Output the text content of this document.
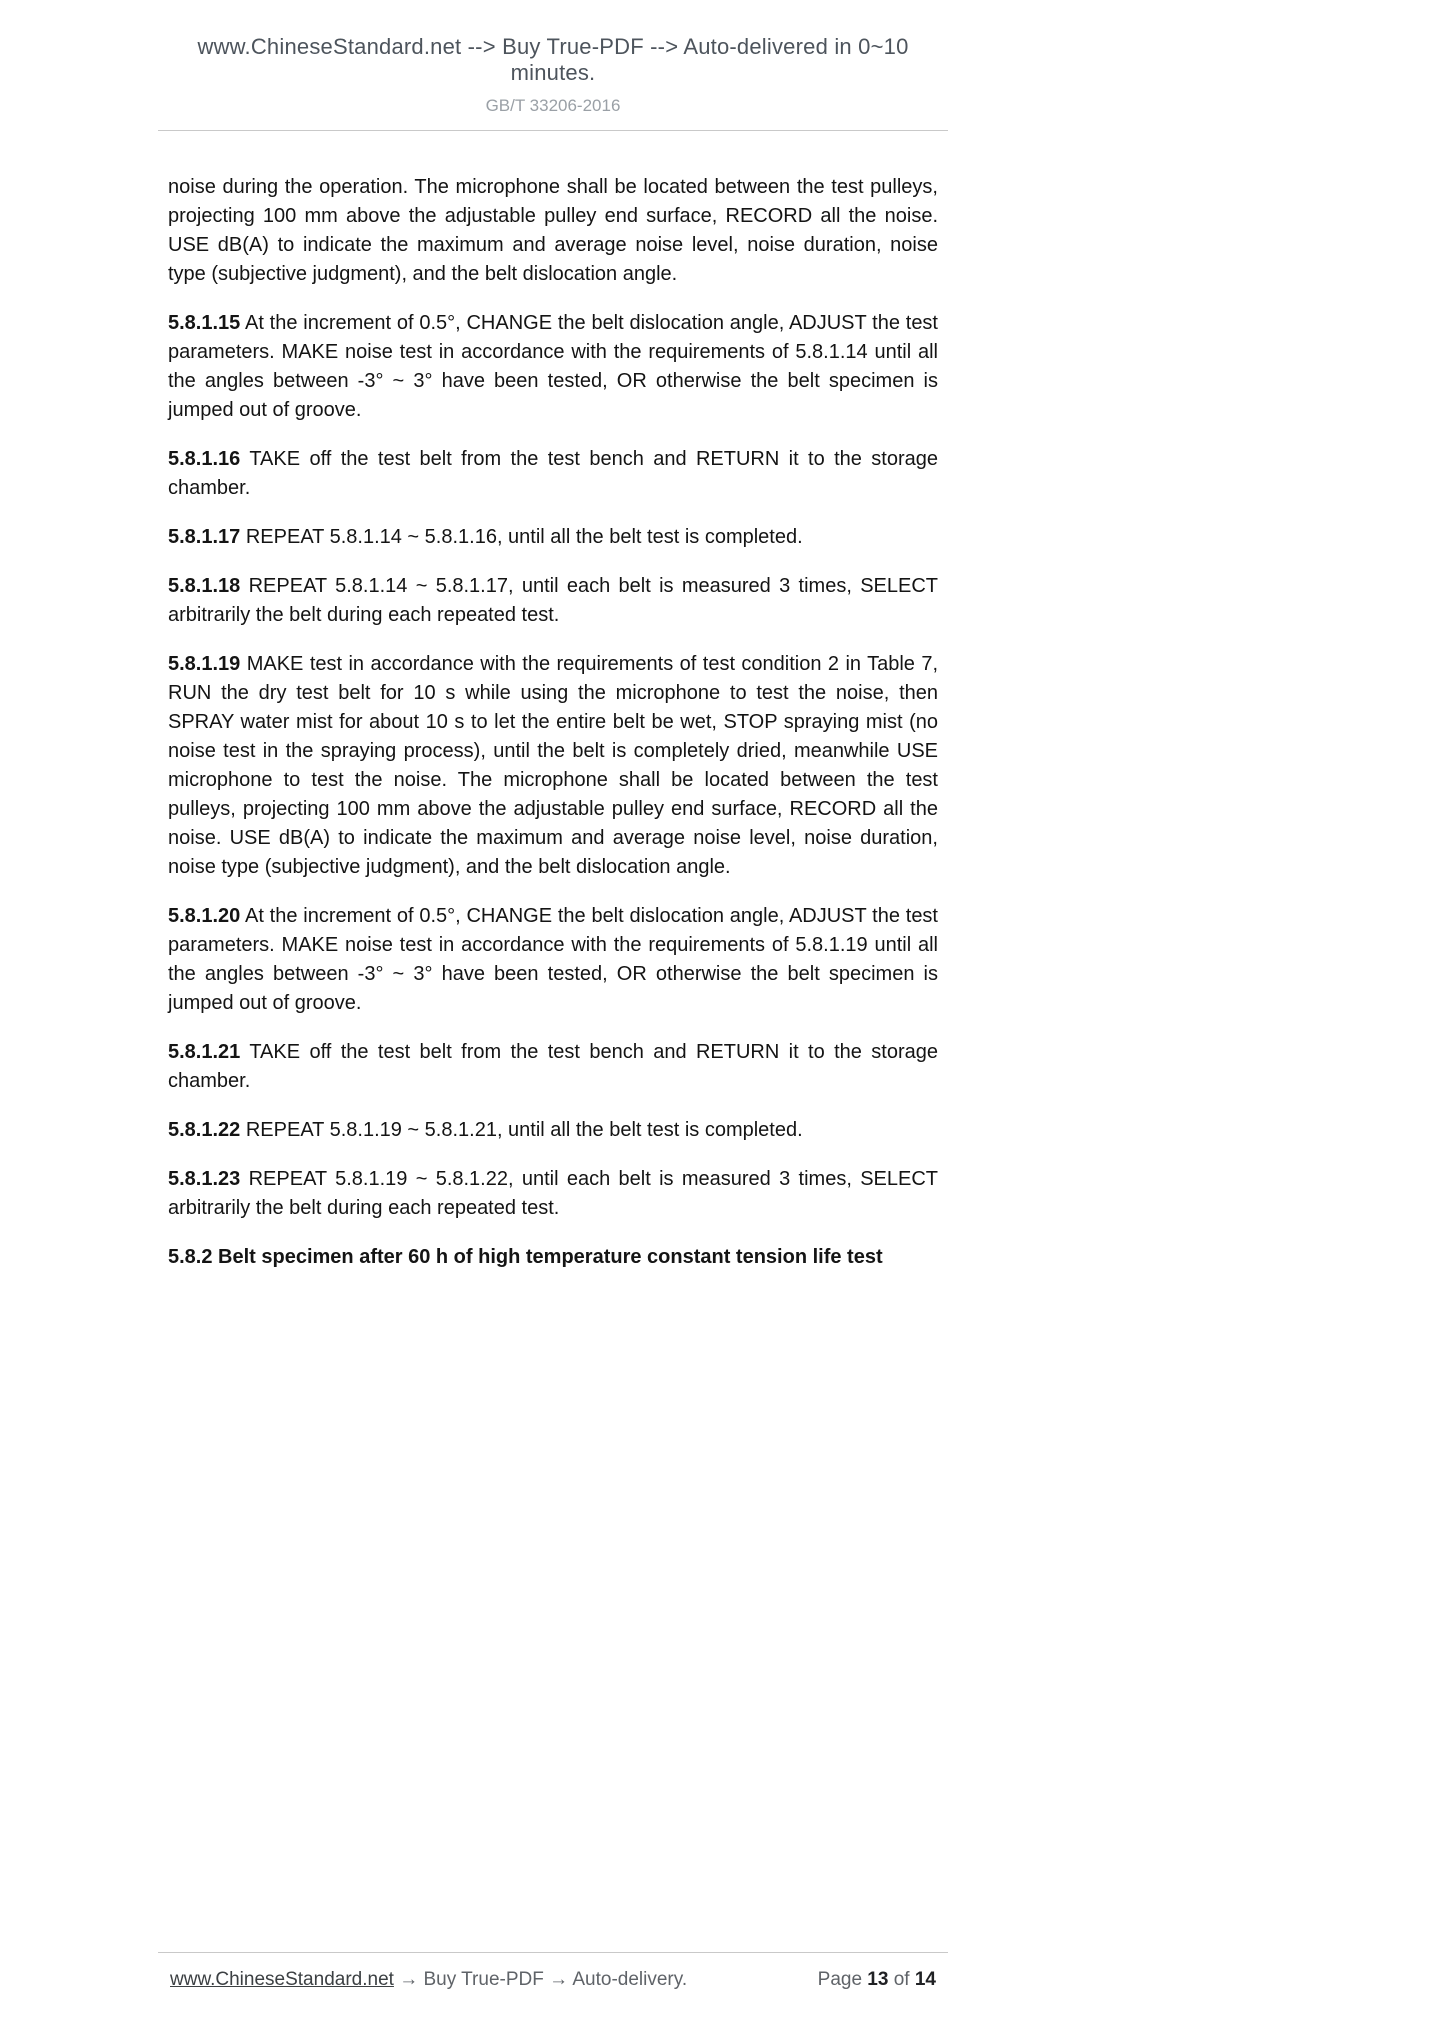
www.ChineseStandard.net --> Buy True-PDF --> Auto-delivered in 0~10 minutes.
GB/T 33206-2016

noise during the operation. The microphone shall be located between the test pulleys, projecting 100 mm above the adjustable pulley end surface, RECORD all the noise. USE dB(A) to indicate the maximum and average noise level, noise duration, noise type (subjective judgment), and the belt dislocation angle.

5.8.1.15 At the increment of 0.5°, CHANGE the belt dislocation angle, ADJUST the test parameters. MAKE noise test in accordance with the requirements of 5.8.1.14 until all the angles between -3° ~ 3° have been tested, OR otherwise the belt specimen is jumped out of groove.

5.8.1.16 TAKE off the test belt from the test bench and RETURN it to the storage chamber.

5.8.1.17 REPEAT 5.8.1.14 ~ 5.8.1.16, until all the belt test is completed.

5.8.1.18 REPEAT 5.8.1.14 ~ 5.8.1.17, until each belt is measured 3 times, SELECT arbitrarily the belt during each repeated test.

5.8.1.19 MAKE test in accordance with the requirements of test condition 2 in Table 7, RUN the dry test belt for 10 s while using the microphone to test the noise, then SPRAY water mist for about 10 s to let the entire belt be wet, STOP spraying mist (no noise test in the spraying process), until the belt is completely dried, meanwhile USE microphone to test the noise. The microphone shall be located between the test pulleys, projecting 100 mm above the adjustable pulley end surface, RECORD all the noise. USE dB(A) to indicate the maximum and average noise level, noise duration, noise type (subjective judgment), and the belt dislocation angle.

5.8.1.20 At the increment of 0.5°, CHANGE the belt dislocation angle, ADJUST the test parameters. MAKE noise test in accordance with the requirements of 5.8.1.19 until all the angles between -3° ~ 3° have been tested, OR otherwise the belt specimen is jumped out of groove.

5.8.1.21 TAKE off the test belt from the test bench and RETURN it to the storage chamber.

5.8.1.22 REPEAT 5.8.1.19 ~ 5.8.1.21, until all the belt test is completed.

5.8.1.23 REPEAT 5.8.1.19 ~ 5.8.1.22, until each belt is measured 3 times, SELECT arbitrarily the belt during each repeated test.

5.8.2 Belt specimen after 60 h of high temperature constant tension life test

www.ChineseStandard.net → Buy True-PDF → Auto-delivery.	Page 13 of 14
